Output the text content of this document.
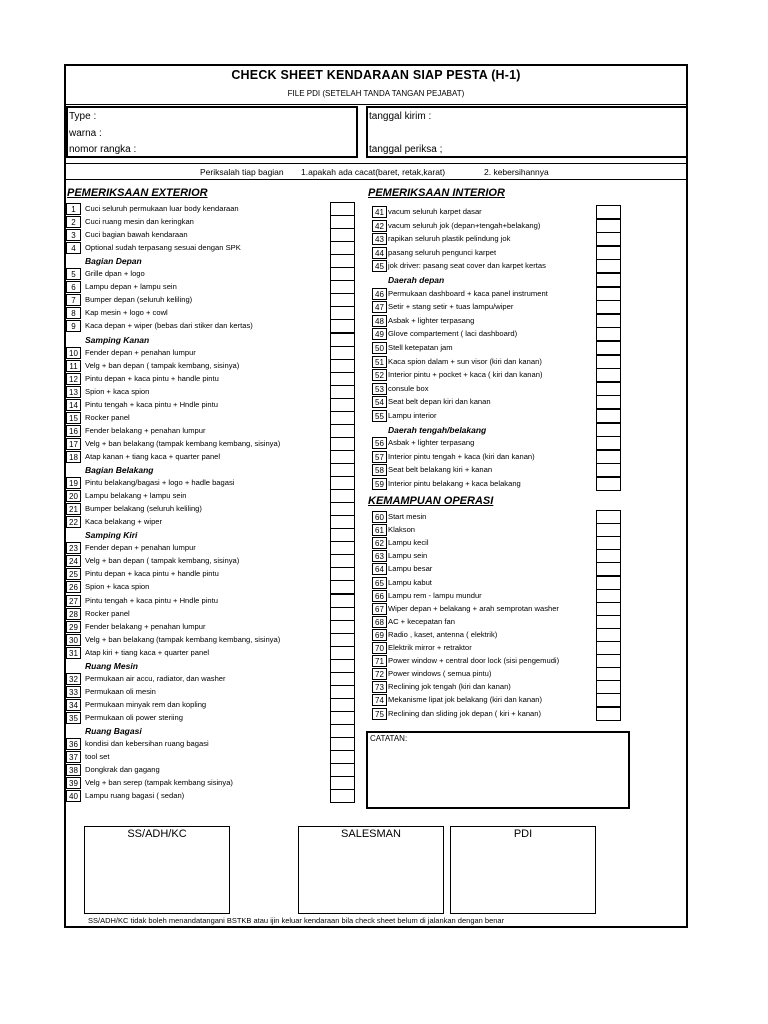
CHECK SHEET KENDARAAN SIAP PESTA (H-1)
FILE PDI (SETELAH TANDA TANGAN PEJABAT)
Type :
warna :
nomor rangka :
tanggal kirim :
tanggal periksa ;
Periksalah tiap bagian 1.apakah ada cacat(baret, retak,karat)	2. kebersihannya
PEMERIKSAAN EXTERIOR	PEMERIKSAAN INTERIOR
KEMAMPUAN OPERASI
1	Cuci seluruh permukaan luar body kendaraan
2	Cuci ruang mesin dan keringkan
3	Cuci bagian bawah kendaraan
4	Optional sudah terpasang sesuai dengan SPK
Bagian Depan
5	Grille dpan + logo
6	Lampu depan + lampu sein
7	Bumper depan (seluruh keliling)
8	Kap mesin + logo + cowl
9	Kaca depan + wiper (bebas dari stiker dan kertas)
Samping Kanan
10 Fender depan + penahan lumpur
11 Velg + ban depan ( tampak kembang, sisinya)
12 Pintu depan + kaca pintu + handle pintu
13 Spion + kaca spion
14 Pintu tengah + kaca pintu + Hndle pintu
15 Rocker panel
16 Fender belakang + penahan lumpur
17 Velg + ban belakang (tampak kembang kembang, sisinya)
18 Atap kanan + tiang kaca + quarter panel
Bagian Belakang
19 Pintu belakang/bagasi + logo + hadle bagasi
20 Lampu belakang + lampu sein
21 Bumper belakang (seluruh keliling)
22 Kaca belakang + wiper
Samping Kiri
23 Fender depan + penahan lumpur
24 Velg + ban depan ( tampak kembang, sisinya)
25 Pintu depan + kaca pintu + handle pintu
26 Spion + kaca spion
27 Pintu tengah + kaca pintu + Hndle pintu
28 Rocker panel
29 Fender belakang + penahan lumpur
30 Velg + ban belakang (tampak kembang kembang, sisinya)
31 Atap kiri + tiang kaca + quarter panel
Ruang Mesin
32 Permukaan air accu, radiator, dan washer
33 Permukaan oli mesin
34 Permukaan minyak rem dan kopling
35 Permukaan oli power steriing
Ruang Bagasi
36 kondisi dan kebersihan ruang bagasi
37 tool set
38 Dongkrak dan gagang
39 Velg + ban serep (tampak kembang sisinya)
40 Lampu ruang bagasi ( sedan)
41 vacum seluruh karpet dasar
42 vacum seluruh jok (depan+tengah+belakang)
43 rapikan seluruh plastik pelindung jok
44 pasang seluruh pengunci karpet
45 jok driver: pasang seat cover dan karpet kertas
Daerah depan
46 Permukaan dashboard + kaca panel instrument
47 Setir + stang setir + tuas lampu/wiper
48 Asbak + lighter terpasang
49 Glove compartement ( laci dashboard)
50 Stell ketepatan jam
51 Kaca spion dalam + sun visor (kiri dan kanan)
52 Interior pintu + pocket + kaca ( kiri dan kanan)
53 consule box
54 Seat belt depan kiri dan kanan
55 Lampu interior
Daerah tengah/belakang
56 Asbak + lighter terpasang
57 Interior pintu tengah + kaca (kiri dan kanan)
58 Seat belt belakang kiri + kanan
59 Interior pintu belakang + kaca belakang
60 Start mesin
61 Klakson
62 Lampu kecil
63 Lampu sein
64 Lampu besar
65 Lampu kabut
66 Lampu rem - lampu mundur
67 Wiper depan + belakang + arah semprotan washer
68 AC + kecepatan fan
69 Radio , kaset, antenna ( elektrik)
70 Elektrik mirror + retraktor
71 Power window + central door lock (sisi pengemudi)
72 Power windows ( semua pintu)
73 Reclining jok tengah (kiri dan kanan)
74 Mekanisme lipat jok belakang (kiri dan kanan)
75 Reclining dan sliding jok depan ( kiri + kanan)
CATATAN:
SS/ADH/KC	SALESMAN	PDI
SS/ADH/KC tidak boleh menandatangani BSTKB atau ijin keluar kendaraan bila check sheet belum di jalankan dengan benar
